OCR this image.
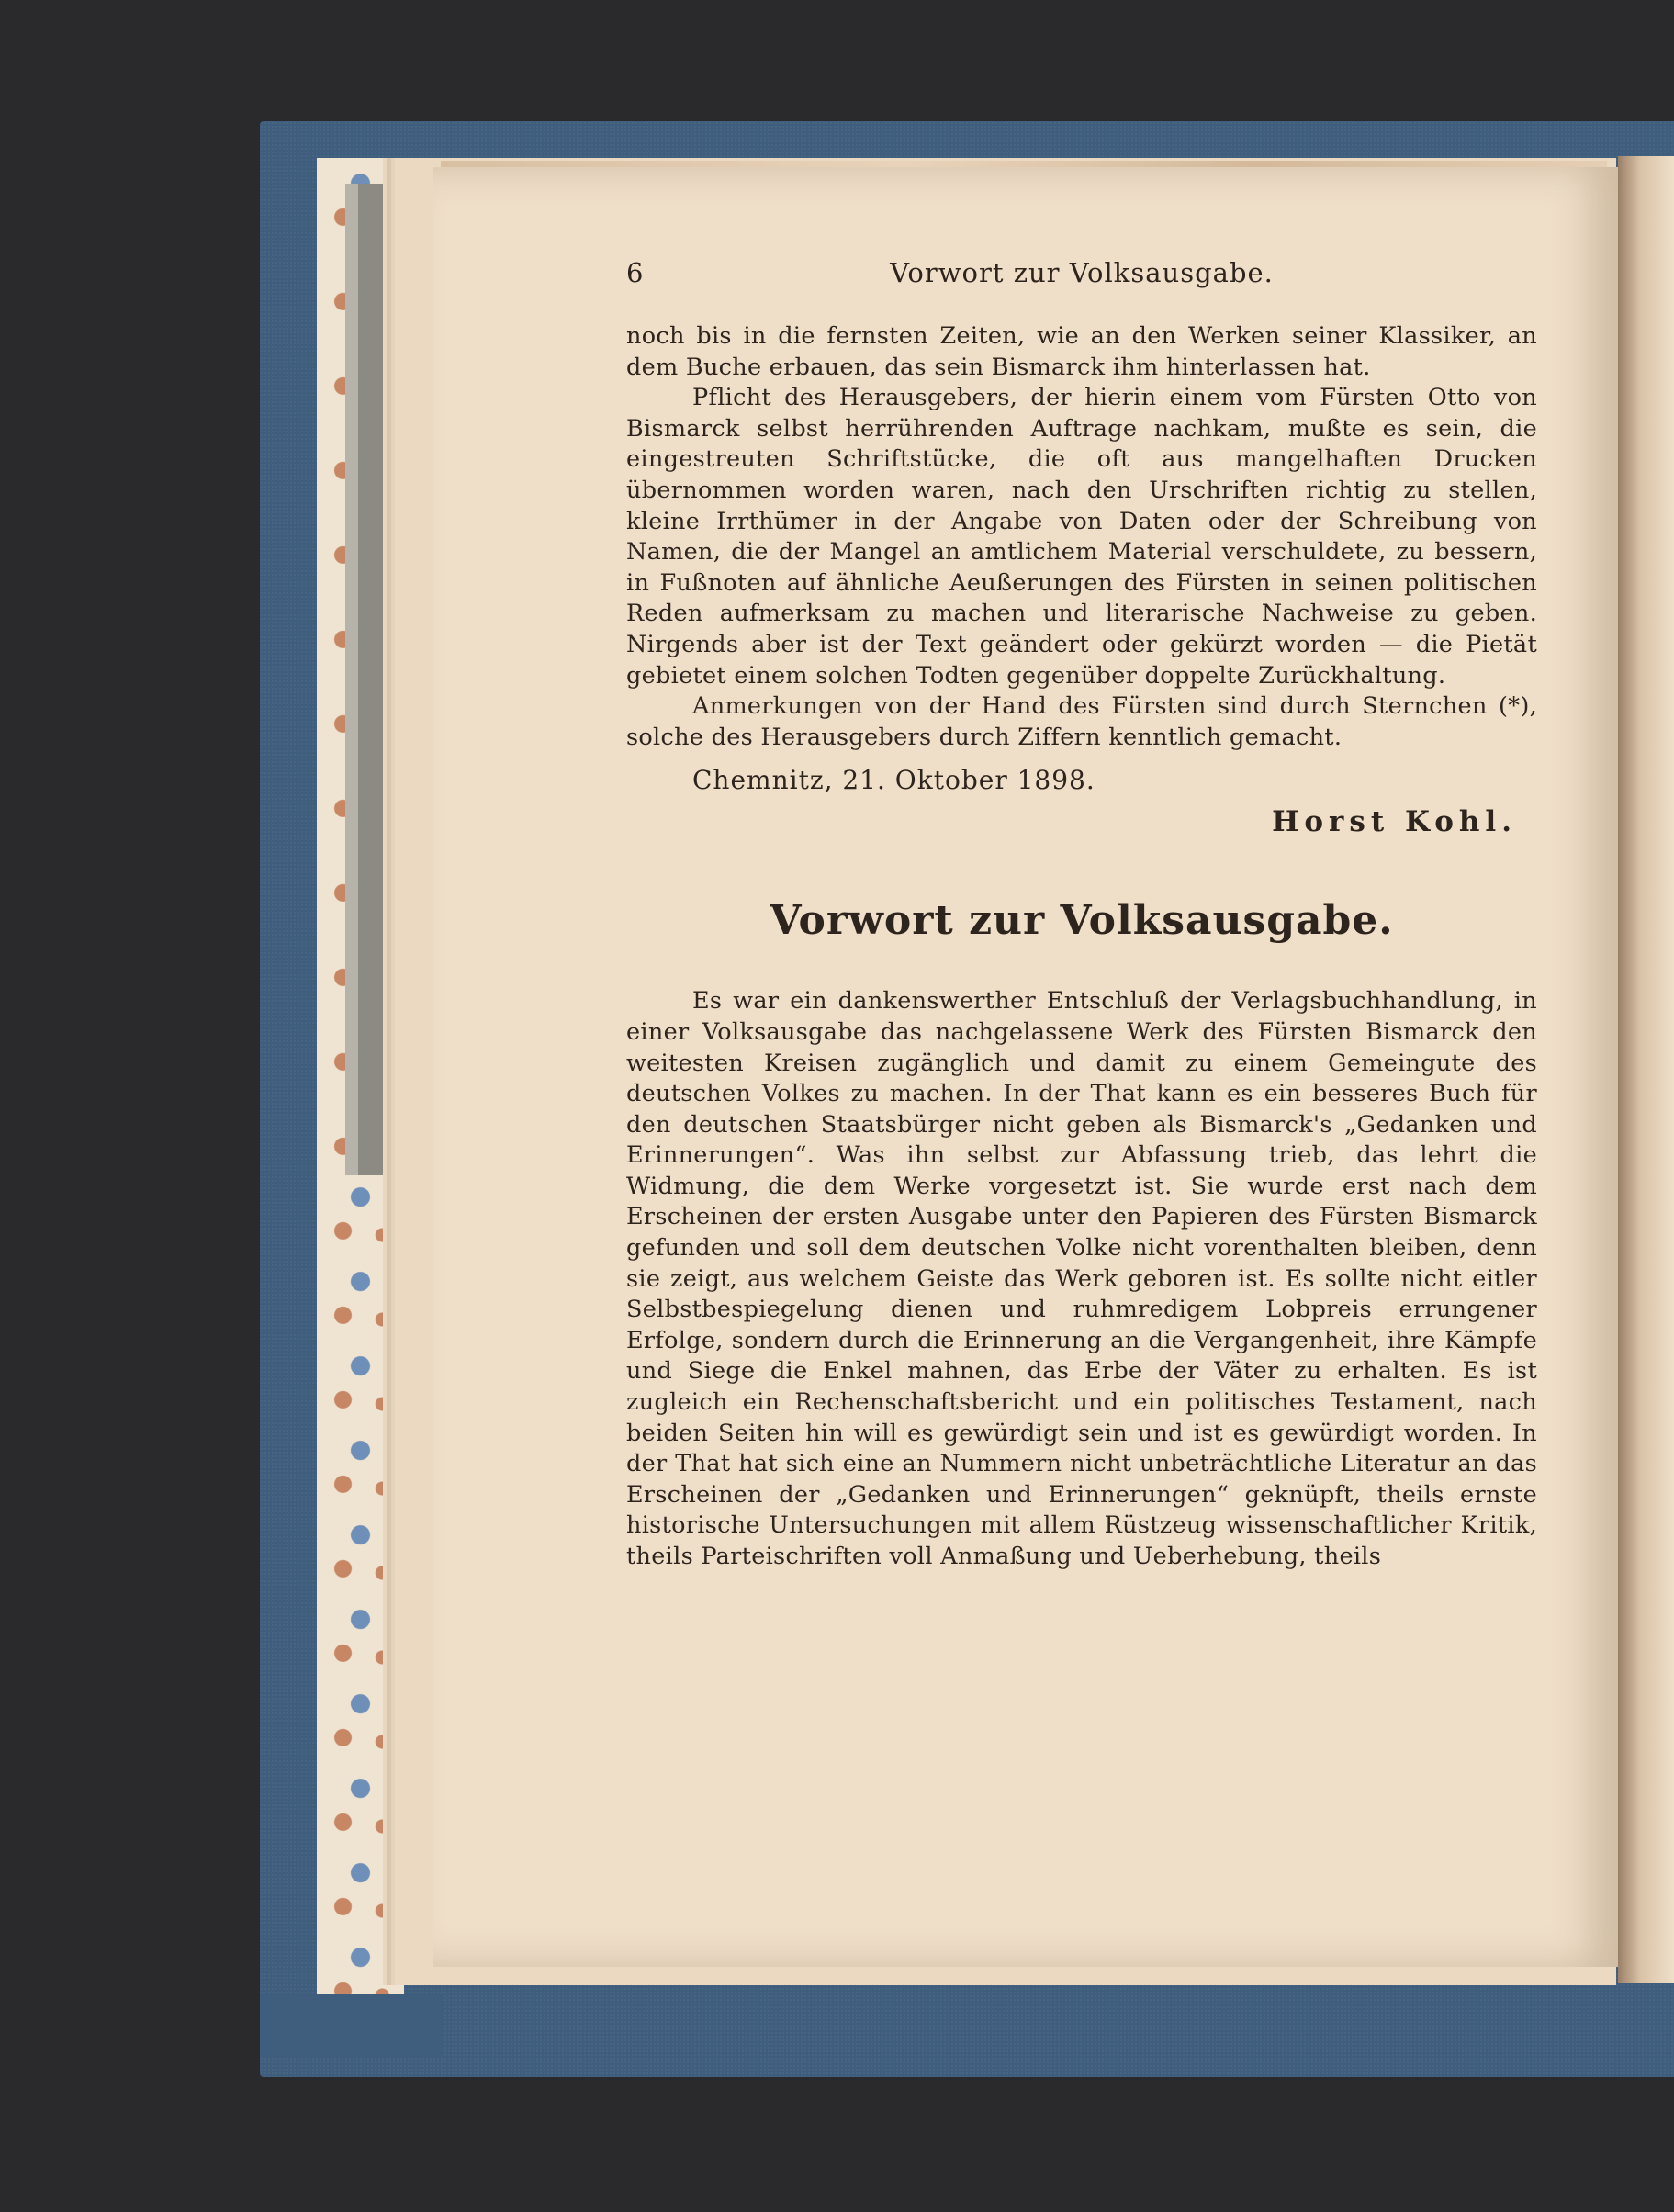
6	Vorwort zur Volksausgabe.

noch bis in die fernsten Zeiten, wie an den Werken seiner Klassiker, an dem Buche erbauen, das sein Bismarck ihm hinterlassen hat.

Pflicht des Herausgebers, der hierin einem vom Fürsten Otto von Bismarck selbst herrührenden Auftrage nachkam, mußte es sein, die eingestreuten Schriftstücke, die oft aus mangelhaften Drucken übernommen worden waren, nach den Urschriften richtig zu stellen, kleine Irrthümer in der Angabe von Daten oder der Schreibung von Namen, die der Mangel an amtlichem Material verschuldete, zu bessern, in Fußnoten auf ähnliche Aeußerungen des Fürsten in seinen politischen Reden aufmerksam zu machen und literarische Nachweise zu geben. Nirgends aber ist der Text geändert oder gekürzt worden — die Pietät gebietet einem solchen Todten gegenüber doppelte Zurückhaltung.

Anmerkungen von der Hand des Fürsten sind durch Sternchen (*), solche des Herausgebers durch Ziffern kenntlich gemacht.

Chemnitz, 21. Oktober 1898.

Horst Kohl.

Vorwort zur Volksausgabe.

Es war ein dankenswerther Entschluß der Verlagsbuchhandlung, in einer Volksausgabe das nachgelassene Werk des Fürsten Bismarck den weitesten Kreisen zugänglich und damit zu einem Gemeingute des deutschen Volkes zu machen. In der That kann es ein besseres Buch für den deutschen Staatsbürger nicht geben als Bismarck's „Gedanken und Erinnerungen“. Was ihn selbst zur Abfassung trieb, das lehrt die Widmung, die dem Werke vorgesetzt ist. Sie wurde erst nach dem Erscheinen der ersten Ausgabe unter den Papieren des Fürsten Bismarck gefunden und soll dem deutschen Volke nicht vorenthalten bleiben, denn sie zeigt, aus welchem Geiste das Werk geboren ist. Es sollte nicht eitler Selbstbespiegelung dienen und ruhmredigem Lobpreis errungener Erfolge, sondern durch die Erinnerung an die Vergangenheit, ihre Kämpfe und Siege die Enkel mahnen, das Erbe der Väter zu erhalten. Es ist zugleich ein Rechenschaftsbericht und ein politisches Testament, nach beiden Seiten hin will es gewürdigt sein und ist es gewürdigt worden. In der That hat sich eine an Nummern nicht unbeträchtliche Literatur an das Erscheinen der „Gedanken und Erinnerungen“ geknüpft, theils ernste historische Untersuchungen mit allem Rüstzeug wissenschaftlicher Kritik, theils Parteischriften voll Anmaßung und Ueberhebung, theils
